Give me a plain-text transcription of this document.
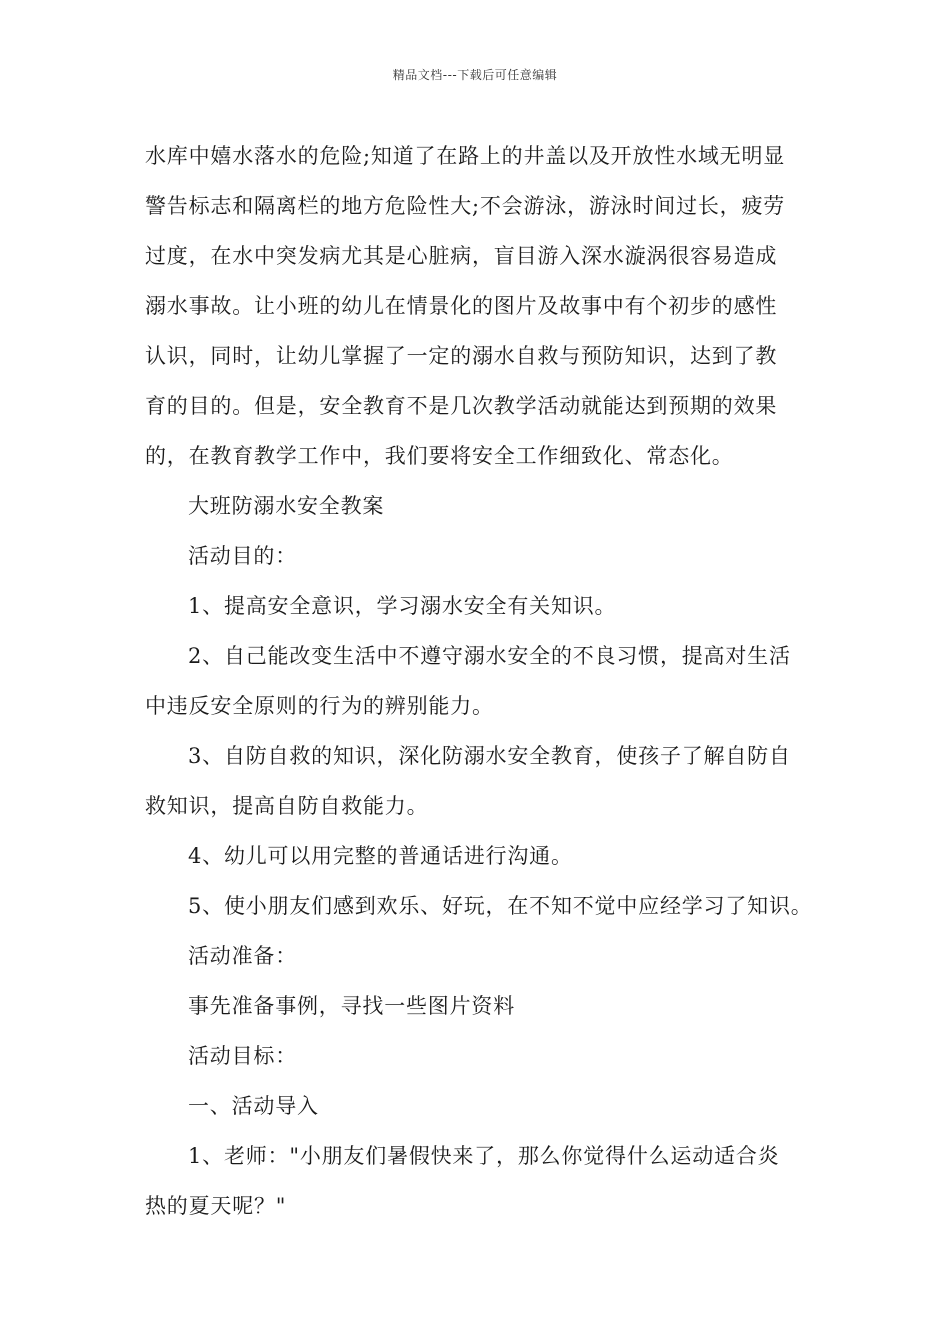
精品文档---下载后可任意编辑
水库中嬉水落水的危险;知道了在路上的井盖以及开放性水域无明显
警告标志和隔离栏的地方危险性大;不会游泳，游泳时间过长，疲劳
过度，在水中突发病尤其是心脏病，盲目游入深水漩涡很容易造成
溺水事故。让小班的幼儿在情景化的图片及故事中有个初步的感性
认识，同时，让幼儿掌握了一定的溺水自救与预防知识，达到了教
育的目的。但是，安全教育不是几次教学活动就能达到预期的效果
的，在教育教学工作中，我们要将安全工作细致化、常态化。
大班防溺水安全教案
活动目的：
1、提高安全意识，学习溺水安全有关知识。
2、自己能改变生活中不遵守溺水安全的不良习惯，提高对生活
中违反安全原则的行为的辨别能力。
3、自防自救的知识，深化防溺水安全教育，使孩子了解自防自
救知识，提高自防自救能力。
4、幼儿可以用完整的普通话进行沟通。
5、使小朋友们感到欢乐、好玩，在不知不觉中应经学习了知识。
活动准备：
事先准备事例，寻找一些图片资料
活动目标：
一、活动导入
1、老师："小朋友们暑假快来了，那么你觉得什么运动适合炎
热的夏天呢？"
